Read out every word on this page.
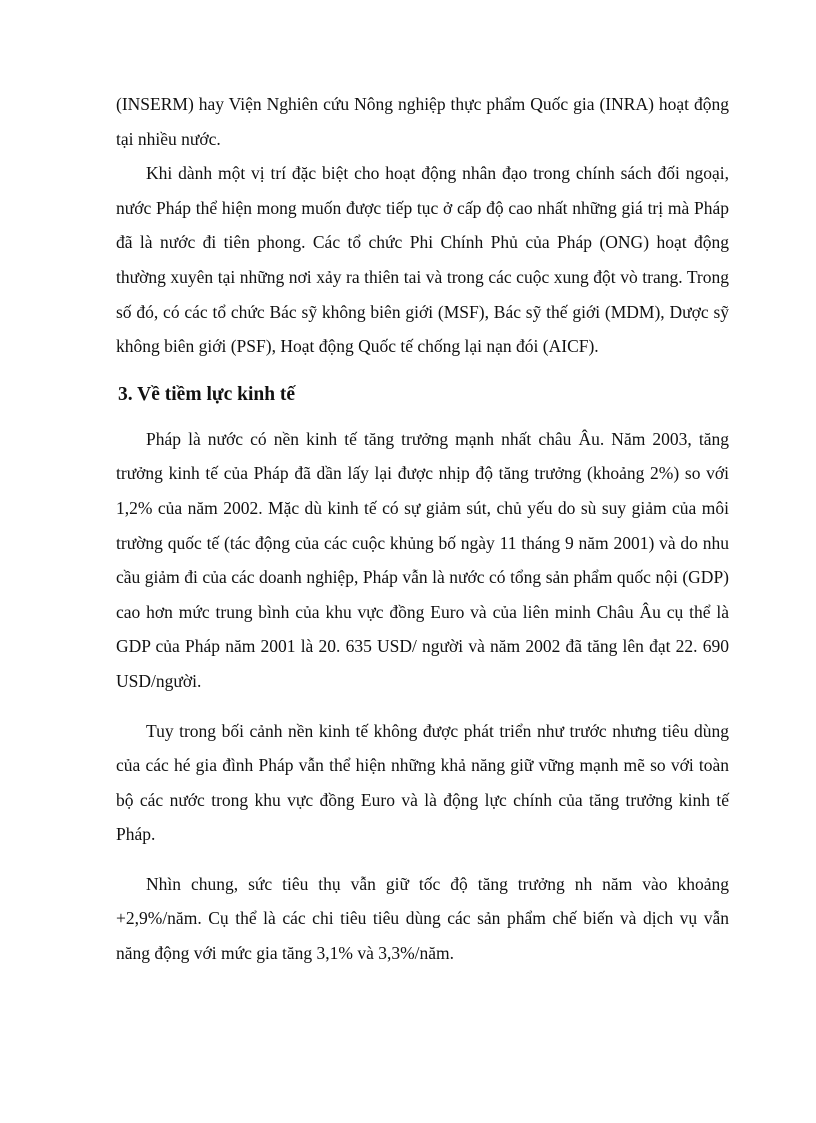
(INSERM) hay Viện Nghiên cứu Nông nghiệp thực phẩm Quốc gia (INRA) hoạt động tại nhiều nước.

Khi dành một vị trí đặc biệt cho hoạt động nhân đạo trong chính sách đối ngoại, nước Pháp thể hiện mong muốn được tiếp tục ở cấp độ cao nhất những giá trị mà Pháp đã là nước đi tiên phong. Các tổ chức Phi Chính Phủ của Pháp (ONG) hoạt động thường xuyên tại những nơi xảy ra thiên tai và trong các cuộc xung đột vò trang. Trong số đó, có các tổ chức Bác sỹ không biên giới (MSF), Bác sỹ thế giới (MDM), Dược sỹ không biên giới (PSF), Hoạt động Quốc tế chống lại nạn đói (AICF).

3. Về tiềm lực kinh tế

Pháp là nước có nền kinh tế tăng trưởng mạnh nhất châu Âu. Năm 2003, tăng trưởng kinh tế của Pháp đã dần lấy lại được nhịp độ tăng trưởng (khoảng 2%) so với 1,2% của năm 2002. Mặc dù kinh tế có sự giảm sút, chủ yếu do sù suy giảm của môi trường quốc tế (tác động của các cuộc khủng bố ngày 11 tháng 9 năm 2001) và do nhu cầu giảm đi của các doanh nghiệp, Pháp vẫn là nước có tổng sản phẩm quốc nội (GDP) cao hơn mức trung bình của khu vực đồng Euro và của liên minh Châu Âu cụ thể là GDP của Pháp năm 2001 là 20. 635 USD/ người và năm 2002 đã tăng lên đạt 22. 690 USD/người.

Tuy trong bối cảnh nền kinh tế không được phát triển như trước nhưng tiêu dùng của các hé gia đình Pháp vẫn thể hiện những khả năng giữ vững mạnh mẽ so với toàn bộ các nước trong khu vực đồng Euro và là động lực chính của tăng trưởng kinh tế Pháp.

Nhìn chung, sức tiêu thụ vẫn giữ tốc độ tăng trưởng nh năm vào khoảng +2,9%/năm. Cụ thể là các chi tiêu tiêu dùng các sản phẩm chế biến và dịch vụ vẫn năng động với mức gia tăng 3,1% và 3,3%/năm.
